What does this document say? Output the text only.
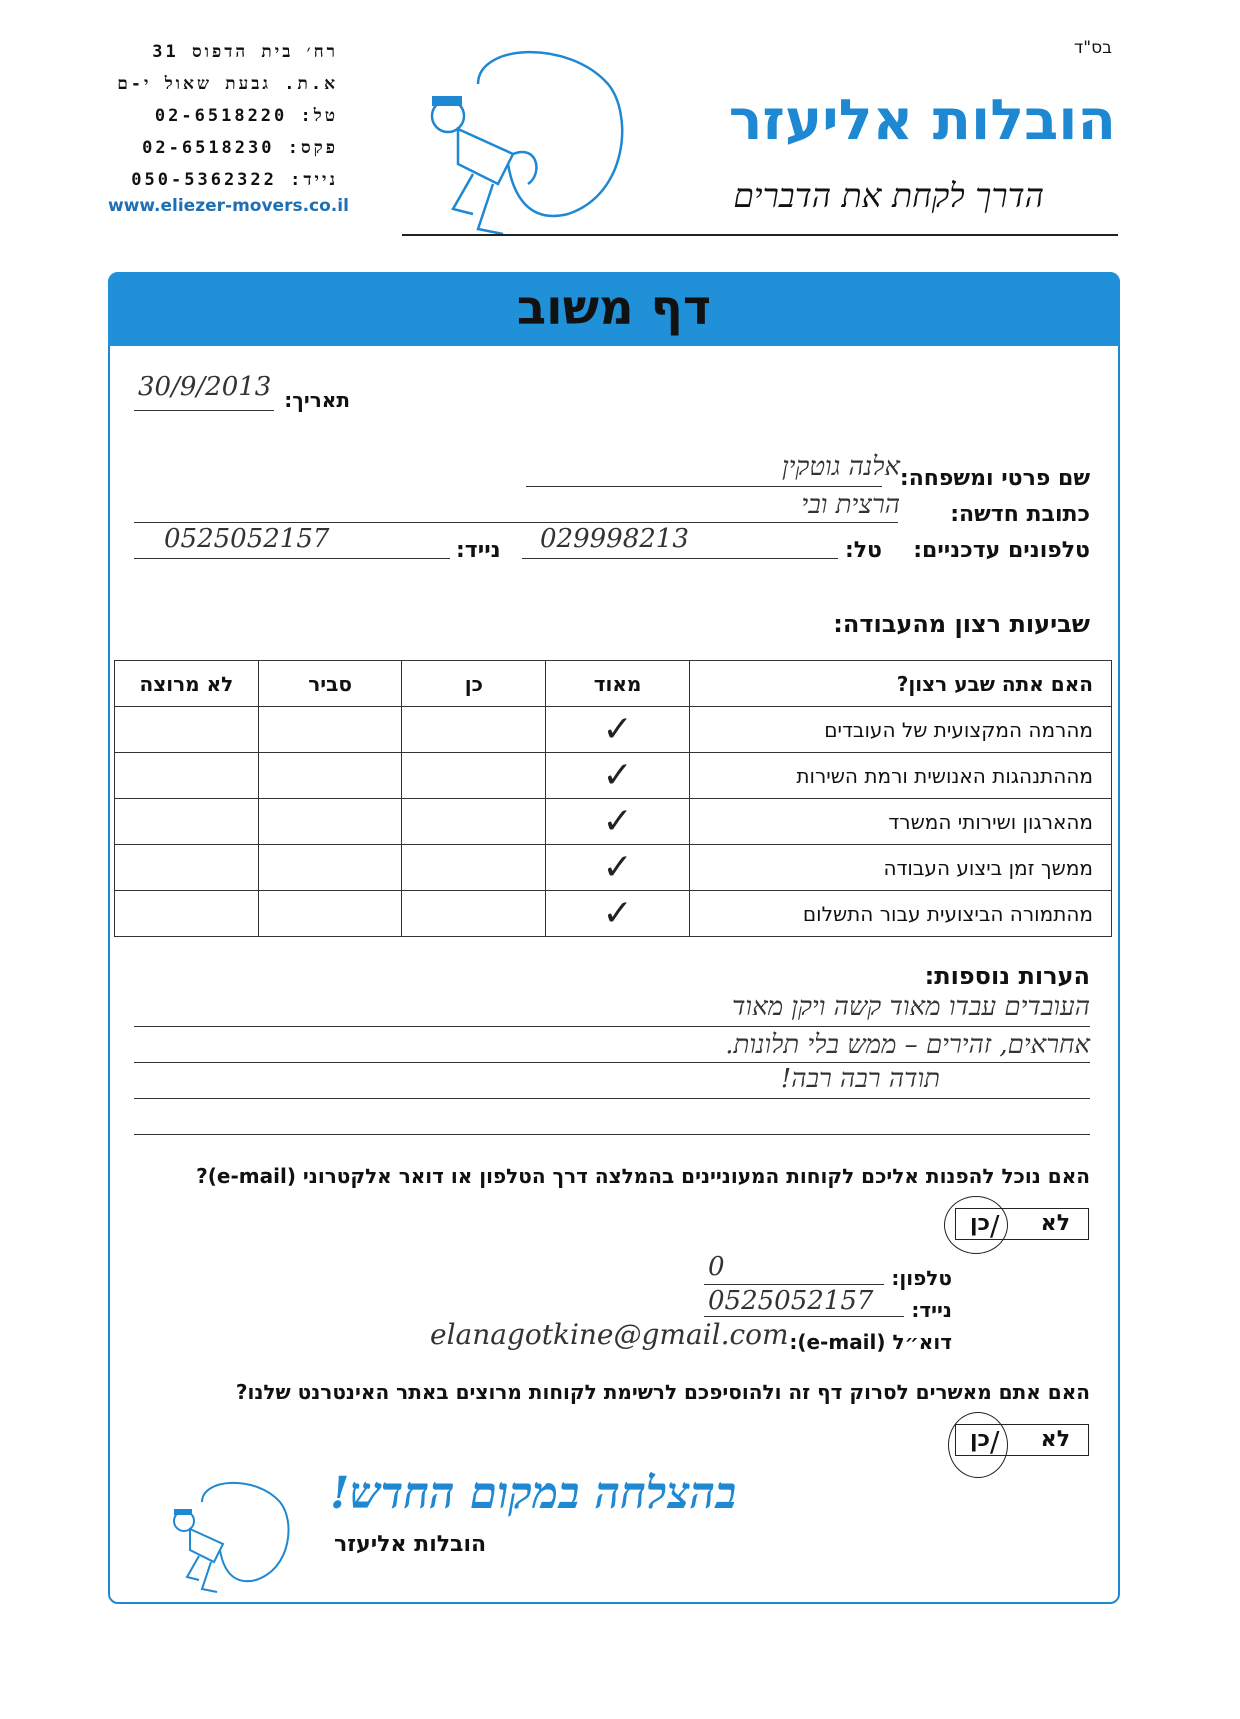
בס"ד
רח׳ בית הדפוס 31
א.ת. גבעת שאול י-ם
טל: 02-6518220
פקס: 02-6518230
נייד: 050-5362322
www.eliezer-movers.co.il
הובלות אליעזר
הדרך לקחת את הדברים
דף משוב
תאריך:
30/9/2013
שם פרטי ומשפחה:
אלנה גוטקין
כתובת חדשה:
הרצית ובי
טלפונים עדכניים:
טל:
029998213
נייד:
0525052157
שביעות רצון מהעבודה:
האם אתה שבע רצון?	מאוד	כן	סביר	לא מרוצה
מהרמה המקצועית של העובדים	✓			
מההתנהגות האנושית ורמת השירות	✓			
מהארגון ושירותי המשרד	✓			
ממשך זמן ביצוע העבודה	✓			
מהתמורה הביצועית עבור התשלום	✓			
הערות נוספות:
העובדים עבדו מאוד קשה ויקן מאוד
אחראים, זהירים – ממש בלי תלונות.
תודה רבה רבה!
האם נוכל להפנות אליכם לקוחות המעוניינים בהמלצה דרך הטלפון או דואר אלקטרוני (e-mail)?
לא
/
כן
טלפון:
0
נייד:
0525052157
דוא״ל (e-mail):
elanagotkine@gmail.com
האם אתם מאשרים לסרוק דף זה ולהוסיפכם לרשימת לקוחות מרוצים באתר האינטרנט שלנו?
לא
/
כן
בהצלחה במקום החדש!
הובלות אליעזר
